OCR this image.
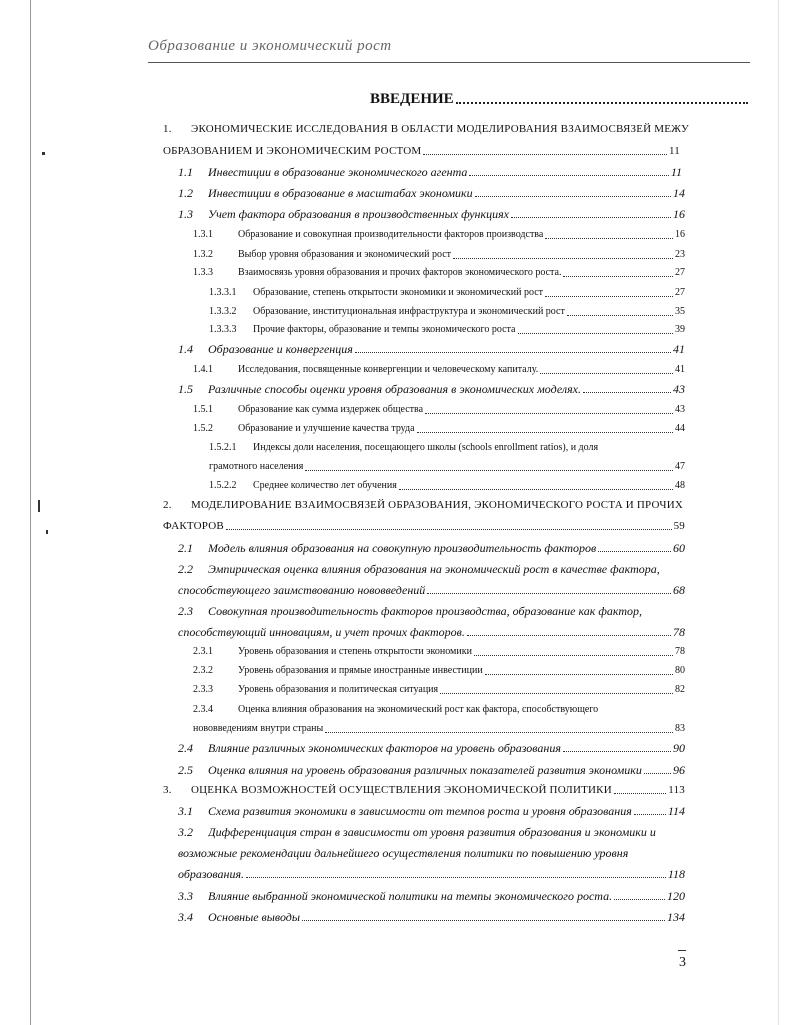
Образование и экономический рост
ВВЕДЕНИЕ
1.	ЭКОНОМИЧЕСКИЕ ИССЛЕДОВАНИЯ В ОБЛАСТИ МОДЕЛИРОВАНИЯ ВЗАИМОСВЯЗЕЙ МЕЖУ
ОБРАЗОВАНИЕМ И ЭКОНОМИЧЕСКИМ РОСТОМ	11
1.1	Инвестиции в образование экономического агента	11
1.2	Инвестиции в образование в масштабах экономики	14
1.3	Учет фактора образования в производственных функциях	16
1.3.1	Образование и совокупная производительности факторов производства	16
1.3.2	Выбор уровня образования и экономический рост	23
1.3.3	Взаимосвязь уровня образования и прочих факторов экономического роста.	27
1.3.3.1	Образование, степень открытости экономики и экономический рост	27
1.3.3.2	Образование, институциональная инфраструктура и экономический рост	35
1.3.3.3	Прочие факторы, образование и темпы экономического роста	39
1.4	Образование и конвергенция	41
1.4.1	Исследования, посвященные конвергенции и человеческому капиталу.	41
1.5	Различные способы оценки уровня образования в экономических моделях.	43
1.5.1	Образование как сумма издержек общества	43
1.5.2	Образование и улучшение качества труда	44
1.5.2.1	Индексы доли населения, посещающего школы (schools enrollment ratios), и доля
грамотного населения	47
1.5.2.2	Среднее количество лет обучения	48
2.	МОДЕЛИРОВАНИЕ ВЗАИМОСВЯЗЕЙ ОБРАЗОВАНИЯ, ЭКОНОМИЧЕСКОГО РОСТА И ПРОЧИХ
ФАКТОРОВ	59
2.1	Модель влияния образования на совокупную производительность факторов	60
2.2	Эмпирическая оценка влияния образования на экономический рост в качестве фактора,
способствующего заимствованию нововведений	68
2.3	Совокупная производительность факторов производства, образование как фактор,
способствующий инновациям, и учет прочих факторов.	78
2.3.1	Уровень образования и степень открытости экономики	78
2.3.2	Уровень образования и прямые иностранные инвестиции	80
2.3.3	Уровень образования и политическая ситуация	82
2.3.4	Оценка влияния образования на экономический рост как фактора, способствующего
нововведениям внутри страны	83
2.4	Влияние различных экономических факторов на уровень образования	90
2.5	Оценка влияния на уровень образования различных показателей развития экономики	96
3.	ОЦЕНКА ВОЗМОЖНОСТЕЙ ОСУЩЕСТВЛЕНИЯ ЭКОНОМИЧЕСКОЙ ПОЛИТИКИ	113
3.1	Схема развития экономики в зависимости от темпов роста и уровня образования	114
3.2	Дифференциация стран в зависимости от уровня развития образования и экономики и
возможные рекомендации дальнейшего осуществления политики по повышению уровня
образования.	118
3.3	Влияние выбранной экономической политики на темпы экономического роста.	120
3.4	Основные выводы	134
3
